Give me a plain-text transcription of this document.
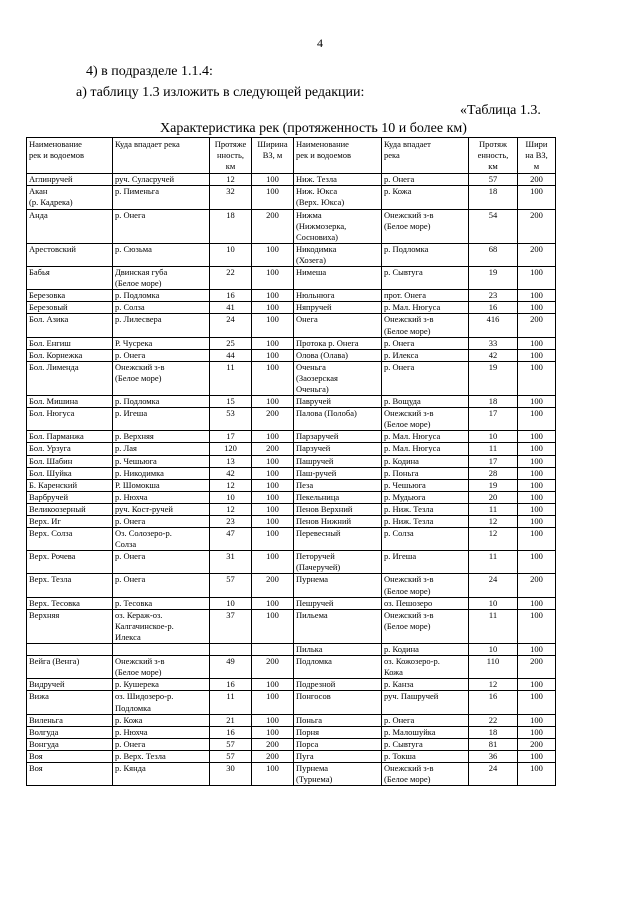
4
4) в подразделе 1.1.4:
а) таблицу 1.3 изложить в следующей редакции:
«Таблица 1.3.
Характеристика рек (протяженность 10 и более км)
Наименование
рек и водоемов	Куда впадает река	Протяже
нность,
км	Ширина
ВЗ, м	Наименование
рек и водоемов	Куда впадает
река	Протяж
енность,
км	Шири
на ВЗ,
м

Аглинручей	руч. Суласручей	12	100	Ниж. Тезла	р. Онега	57	200

Акан
(р. Кадрека)	р. Пименьга	32	100	Ниж. Юкса
(Верх. Юкса)	р. Кожа	18	100

Анда	р. Онега	18	200	Нижма
(Нижмозерка,
Сосновиха)	Онежский з-в
(Белое море)	54	200

Арестовский	р. Сюзьма	10	100	Никодимка
(Хозега)	р. Подломка	68	200

Бабья	Двинская губа
(Белое море)	22	100	Нимеша	р. Сывтуга	19	100

Березовка	р. Подломка	16	100	Нюльнюга	прот. Онега	23	100

Березовый	р. Солза	41	100	Няпручей	р. Мал. Нюгуса	16	100

Бол. Азика	р. Лилесвера	24	100	Онега	Онежский з-в
(Белое море)	416	200

Бол. Енгиш	Р. Чусрека	25	100	Протока р. Онега	р. Онега	33	100

Бол. Корнежка	р. Онега	44	100	Олова (Олава)	р. Илекса	42	100

Бол. Лименда	Онежский з-в
(Белое море)	11	100	Оченьга
(Заозерская
Оченьга)	р. Онега	19	100

Бол. Мишина	р. Подломка	15	100	Павручей	р. Вощуда	18	100

Бол. Нюгуса	р. Игеша	53	200	Палова (Полоба)	Онежский з-в
(Белое море)	17	100

Бол. Парманжа	р. Верхняя	17	100	Парзаручей	р. Мал. Нюгуса	10	100

Бол. Урзуга	р. Лая	120	200	Парзучей	р. Мал. Нюгуса	11	100

Бол. Шабин	р. Чешьюга	13	100	Пашручей	р. Кодина	17	100

Бол. Шуйка	р. Никодимка	42	100	Паш-ручей	р. Поньга	28	100

Б. Каренский	Р. Шомокша	12	100	Пеза	р. Чешьюга	19	100

Варбручей	р. Нюхча	10	100	Пекельница	р. Мудьюга	20	100

Великоозерный	руч. Кост-ручей	12	100	Пенов Верхний	р. Ниж. Тезла	11	100

Верх. Иг	р. Онега	23	100	Пенов Нижний	р. Ниж. Тезла	12	100

Верх. Солза	Оз. Солозеро-р.
Солза	47	100	Перевесный	р. Солза	12	100

Верх. Рочева	р. Онега	31	100	Петоручей
(Пачеручей)	р. Игеша	11	100

Верх. Тезла	р. Онега	57	200	Пурнема	Онежский з-в
(Белое море)	24	200

Верх. Тесовка	р. Тесовка	10	100	Пешручей	оз. Пешозеро	10	100

Верхняя	оз. Кераж-оз.
Калгачинское-р.
Илекса	37	100	Пильема	Онежский з-в
(Белое море)	11	100

				Пилька	р. Кодина	10	100

Вейга (Венга)	Онежский з-в
(Белое море)	49	200	Подломка	оз. Кожозеро-р.
Кожа	110	200

Видручей	р. Кушерека	16	100	Подрезной	р. Канза	12	100

Вижа	оз. Шидозеро-р.
Подломка	11	100	Понгосов	руч. Пашручей	16	100

Виленьга	р. Кожа	21	100	Поньга	р. Онега	22	100

Волгуда	р. Нюхча	16	100	Порня	р. Малошуйка	18	100

Вонгуда	р. Онега	57	200	Порса	р. Сывтуга	81	200

Воя	р. Верх. Тезла	57	200	Пуга	р. Токша	36	100

Воя	р. Кянда	30	100	Пурнема
(Турнема)	Онежский з-в
(Белое море)	24	100
